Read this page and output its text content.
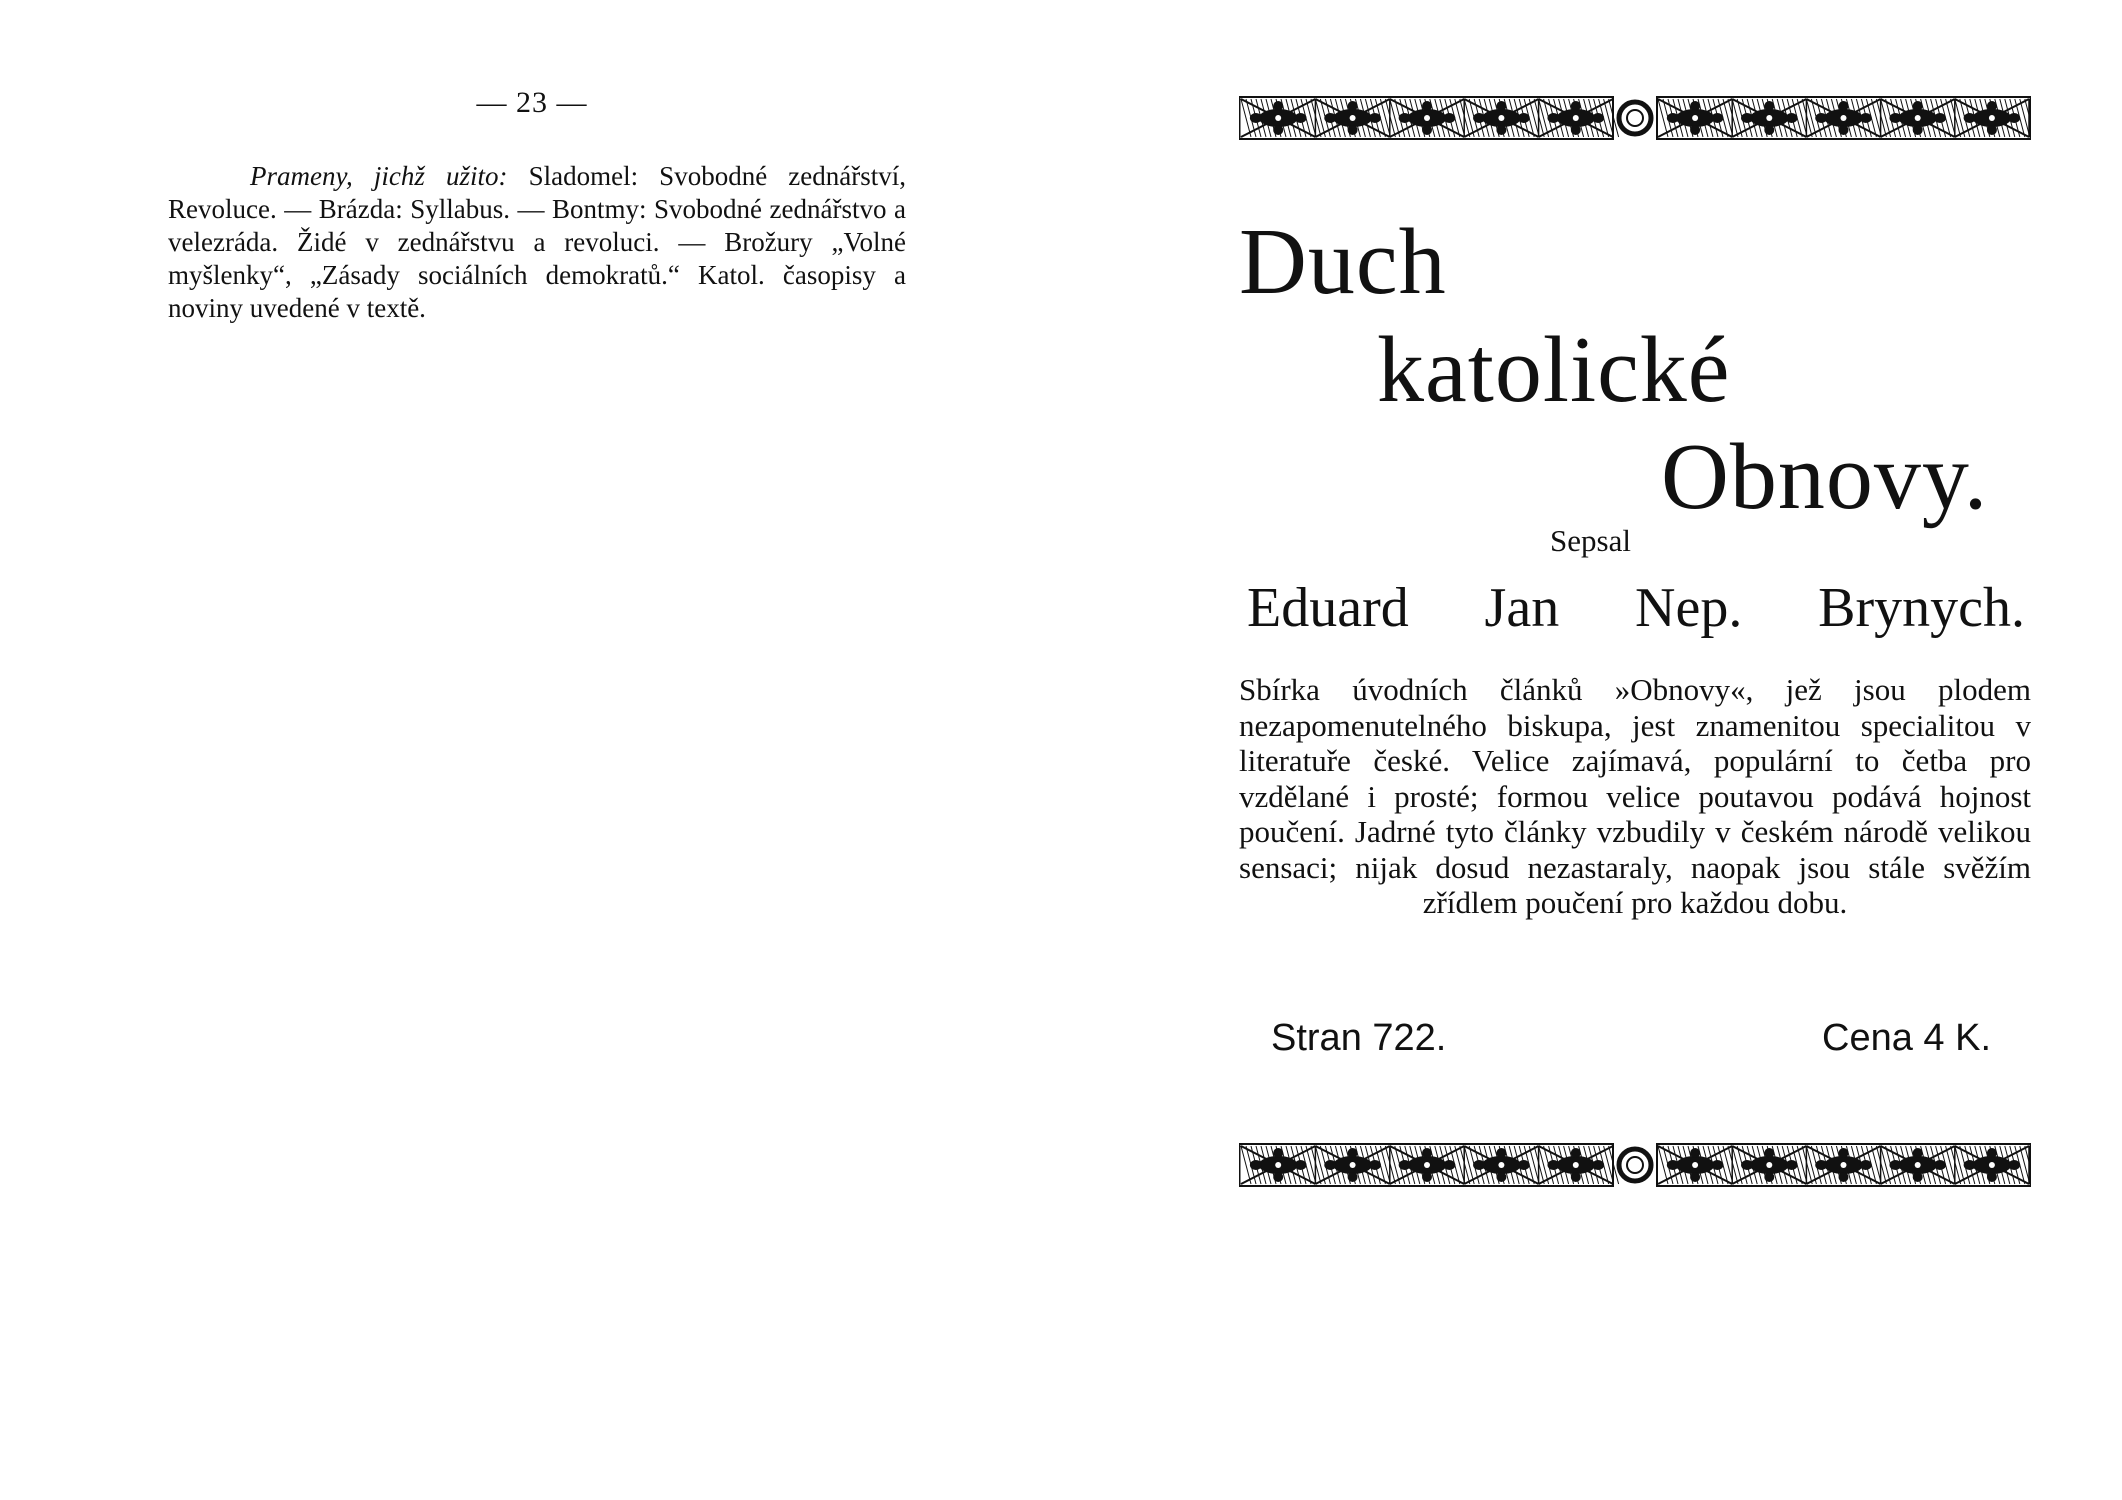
— 23 —

Prameny, jichž užito: Sladomel: Svobodné zednářství, Revoluce. — Brázda: Syllabus. — Bontmy: Svobodné zednářstvo a velezráda. Židé v zednářstvu a revoluci. — Brožury „Volné myšlenky“, „Zásady sociálních demokratů.“ Katol. časopisy a noviny uvedené v textě.	Duch
katolické
Obnovy.
Sepsal
Eduard Jan Nep. Brynych.

Sbírka úvodních článků »Obnovy«, jež jsou plodem nezapomenutelného biskupa, jest znamenitou specialitou v literatuře české. Velice zajímavá, populární to četba pro vzdělané i prosté; formou velice poutavou podává hojnost poučení. Jadrné tyto články vzbudily v českém národě velikou sensaci; nijak dosud nezastaraly, naopak jsou stále svěžím zřídlem poučení pro každou dobu.

Stran 722.	Cena 4 K.
